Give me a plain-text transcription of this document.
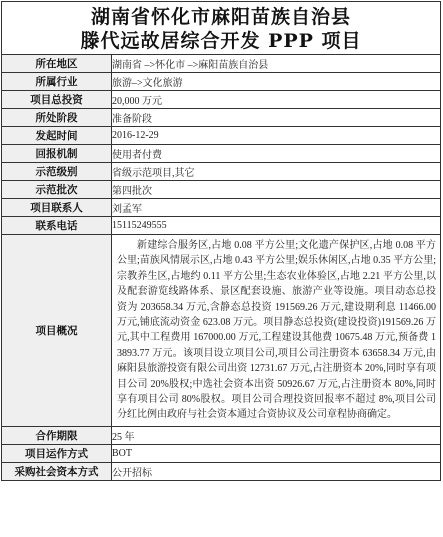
湖南省怀化市麻阳苗族自治县
滕代远故居综合开发 PPP 项目
所在地区	湖南省 –>怀化市 –>麻阳苗族自治县
所属行业	旅游–>文化旅游
项目总投资	20,000 万元
所处阶段	准备阶段
发起时间	2016-12-29
回报机制	使用者付费
示范级别	省级示范项目,其它
示范批次	第四批次
项目联系人	刘孟军
联系电话	15115249555
项目概况	新建综合服务区,占地 0.08 平方公里;文化遗产保护区,占地 0.08 平方公里;苗族风情展示区,占地 0.43 平方公里;娱乐休闲区,占地 0.35 平方公里;宗教养生区,占地约 0.11 平方公里;生态农业体验区,占地 2.21 平方公里,以及配套游览线路体系、景区配套设施、旅游产业等设施。项目动态总投资为 203658.34 万元,含静态总投资 191569.26 万元,建设期利息 11466.00 万元,铺底流动资金 623.08 万元。项目静态总投资(建设投资)191569.26 万元,其中工程费用 167000.00 万元,工程建设其他费 10675.48 万元,预备费 13893.77 万元。该项目设立项目公司,项目公司注册资本 63658.34 万元,由麻阳县旅游投资有限公司出资 12731.67 万元,占注册资本 20%,同时享有项目公司 20%股权;中选社会资本出资 50926.67 万元,占注册资本 80%,同时享有项目公司 80%股权。项目公司合理投资回报率不超过 8%,项目公司分红比例由政府与社会资本通过合资协议及公司章程协商确定。
合作期限	25 年
项目运作方式	BOT
采购社会资本方式	公开招标
